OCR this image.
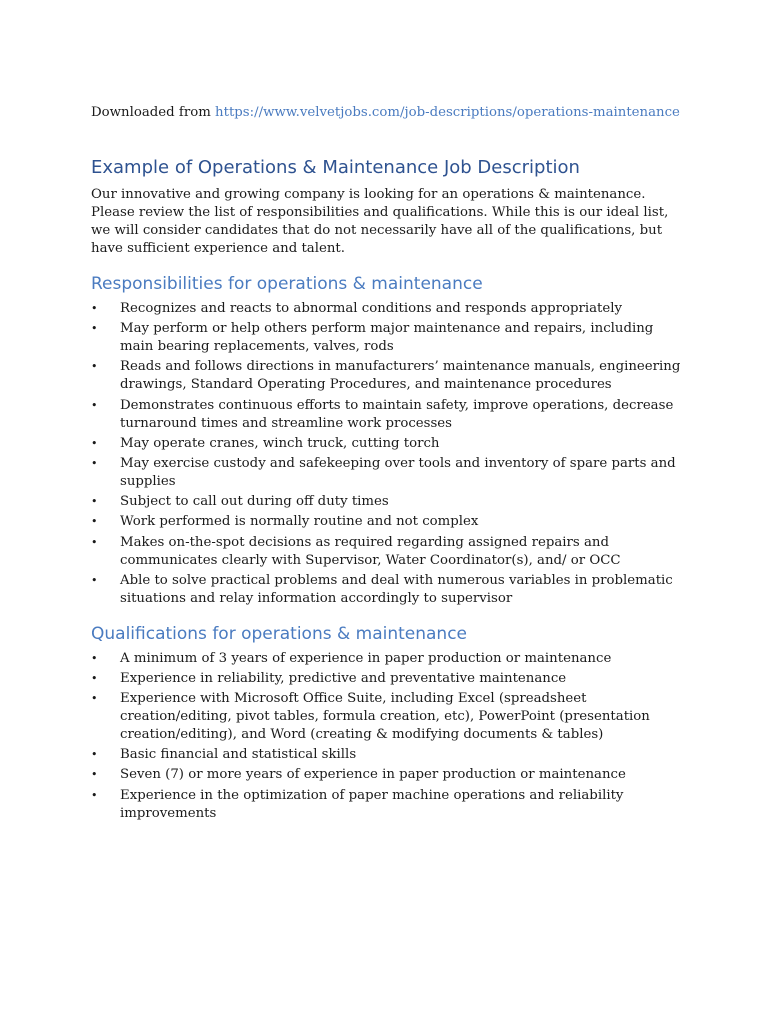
Downloaded from https://www.velvetjobs.com/job-descriptions/operations-maintenance

Example of Operations & Maintenance Job Description

Our innovative and growing company is looking for an operations & maintenance. Please review the list of responsibilities and qualifications. While this is our ideal list, we will consider candidates that do not necessarily have all of the qualifications, but have sufficient experience and talent.

Responsibilities for operations & maintenance
• Recognizes and reacts to abnormal conditions and responds appropriately
• May perform or help others perform major maintenance and repairs, including main bearing replacements, valves, rods
• Reads and follows directions in manufacturers’ maintenance manuals, engineering drawings, Standard Operating Procedures, and maintenance procedures
• Demonstrates continuous efforts to maintain safety, improve operations, decrease turnaround times and streamline work processes
• May operate cranes, winch truck, cutting torch
• May exercise custody and safekeeping over tools and inventory of spare parts and supplies
• Subject to call out during off duty times
• Work performed is normally routine and not complex
• Makes on-the-spot decisions as required regarding assigned repairs and communicates clearly with Supervisor, Water Coordinator(s), and/ or OCC
• Able to solve practical problems and deal with numerous variables in problematic situations and relay information accordingly to supervisor
Qualifications for operations & maintenance
• A minimum of 3 years of experience in paper production or maintenance
• Experience in reliability, predictive and preventative maintenance
• Experience with Microsoft Office Suite, including Excel (spreadsheet creation/editing, pivot tables, formula creation, etc), PowerPoint (presentation creation/editing), and Word (creating & modifying documents & tables)
• Basic financial and statistical skills
• Seven (7) or more years of experience in paper production or maintenance
• Experience in the optimization of paper machine operations and reliability improvements
